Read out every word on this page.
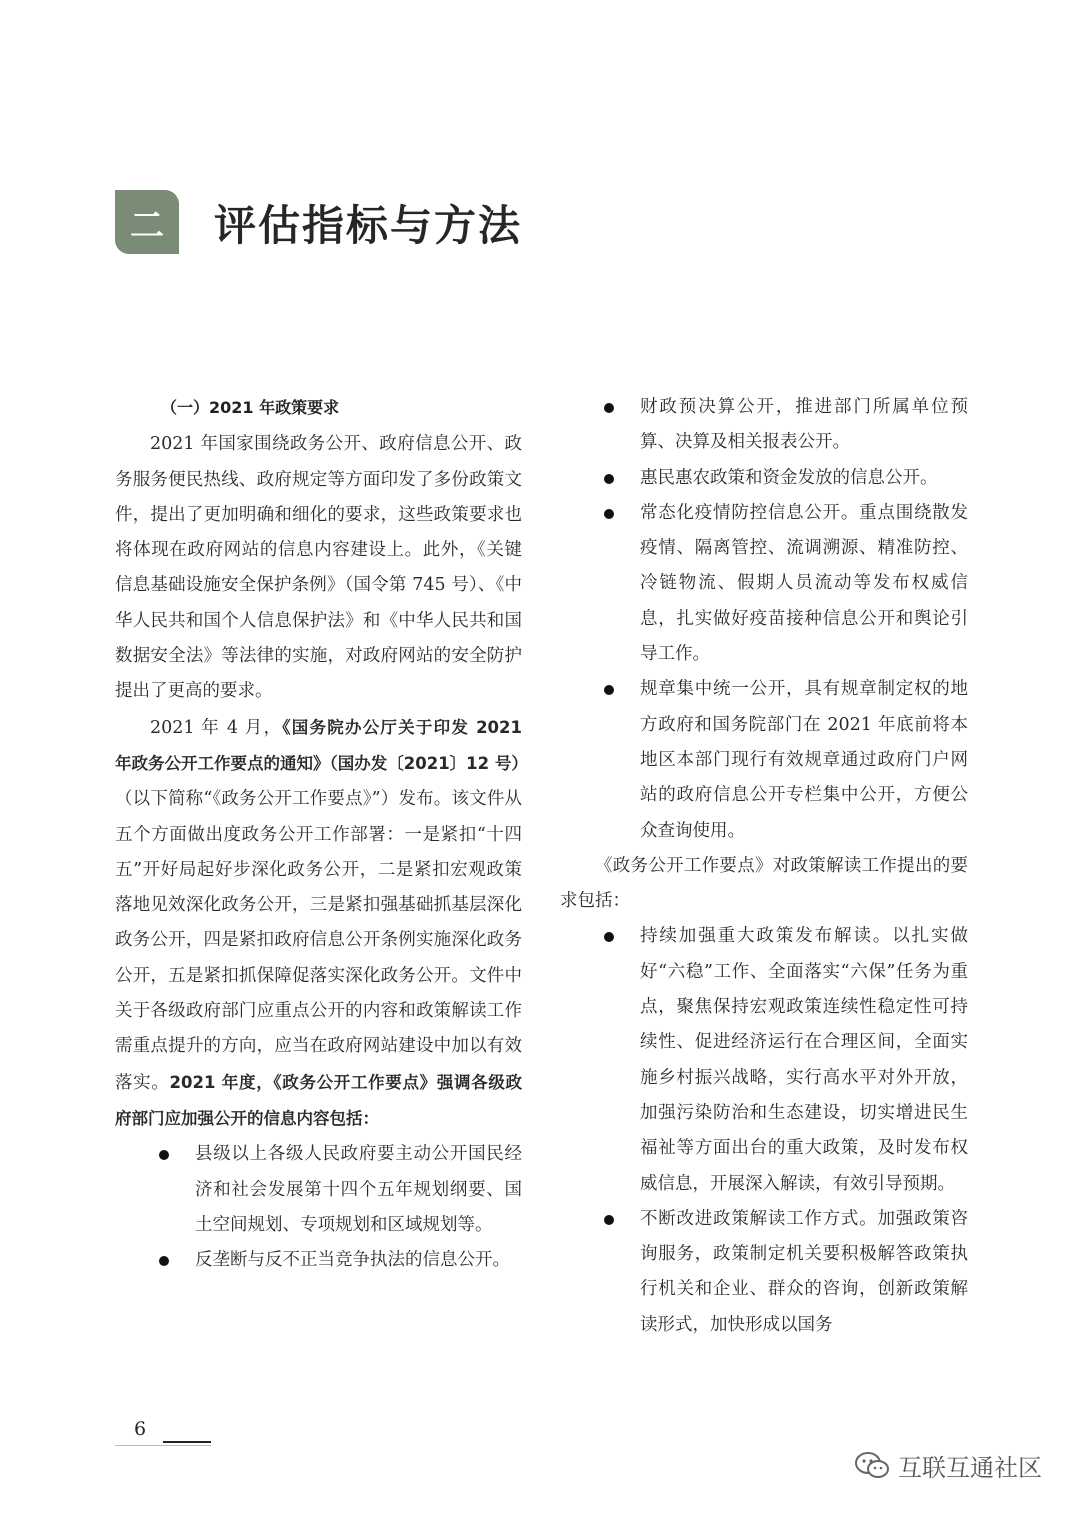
二	评估指标与方法
（一）2021 年政策要求

2021 年国家围绕政务公开、政府信息公开、政务服务便民热线、政府规定等方面印发了多份政策文件，提出了更加明确和细化的要求，这些政策要求也将体现在政府网站的信息内容建设上。此外，《关键信息基础设施安全保护条例》（国令第 745 号）、《中华人民共和国个人信息保护法》和《中华人民共和国数据安全法》等法律的实施，对政府网站的安全防护提出了更高的要求。

2021 年 4 月，《国务院办公厅关于印发 2021 年政务公开工作要点的通知》（国办发〔2021〕12 号）（以下简称“《政务公开工作要点》”）发布。该文件从五个方面做出度政务公开工作部署：一是紧扣“十四五”开好局起好步深化政务公开，二是紧扣宏观政策落地见效深化政务公开，三是紧扣强基础抓基层深化政务公开，四是紧扣政府信息公开条例实施深化政务公开，五是紧扣抓保障促落实深化政务公开。文件中关于各级政府部门应重点公开的内容和政策解读工作需重点提升的方向，应当在政府网站建设中加以有效落实。2021 年度，《政务公开工作要点》强调各级政府部门应加强公开的信息内容包括：

县级以上各级人民政府要主动公开国民经济和社会发展第十四个五年规划纲要、国土空间规划、专项规划和区域规划等。
反垄断与反不正当竞争执法的信息公开。
财政预决算公开，推进部门所属单位预算、决算及相关报表公开。
惠民惠农政策和资金发放的信息公开。
常态化疫情防控信息公开。重点围绕散发疫情、隔离管控、流调溯源、精准防控、冷链物流、假期人员流动等发布权威信息，扎实做好疫苗接种信息公开和舆论引导工作。
规章集中统一公开，具有规章制定权的地方政府和国务院部门在 2021 年底前将本地区本部门现行有效规章通过政府门户网站的政府信息公开专栏集中公开，方便公众查询使用。

《政务公开工作要点》对政策解读工作提出的要求包括：

持续加强重大政策发布解读。以扎实做好“六稳”工作、全面落实“六保”任务为重点，聚焦保持宏观政策连续性稳定性可持续性、促进经济运行在合理区间，全面实施乡村振兴战略，实行高水平对外开放，加强污染防治和生态建设，切实增进民生福祉等方面出台的重大政策，及时发布权威信息，开展深入解读，有效引导预期。
不断改进政策解读工作方式。加强政策咨询服务，政策制定机关要积极解答政策执行机关和企业、群众的咨询，创新政策解读形式，加快形成以国务
6
互联互通社区
